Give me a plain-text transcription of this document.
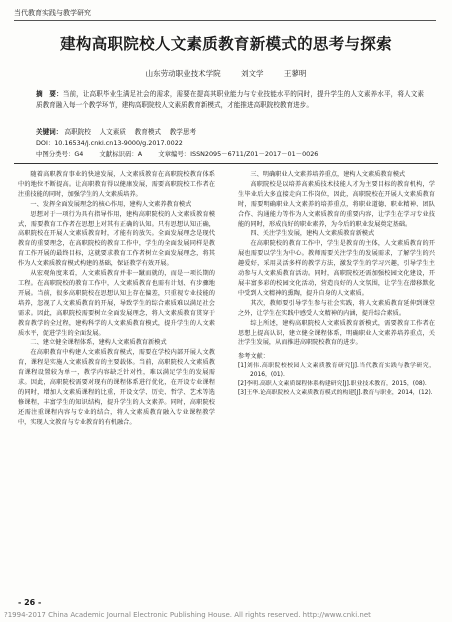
当代教育实践与教学研究
建构高职院校人文素质教育新模式的思考与探索
山东劳动职业技术学院	刘文学	王蓼明

摘　要：当前，让高职毕业生满足社会的需求，需要在提高其职业能力与专业技能水平的同时，提升学生的人文素养水平，将人文素质教育融入每一个教学环节，建构高职院校人文素质教育新模式，才能推进高职院校教育进步。

关键词： 高职院校　 人文素质　 教育模式　 教学思考
DOI：10.16534/j.cnki.cn13-9000/g.2017.0022
中图分类号：G4	文献标识码：A	文章编号：ISSN2095－6711/Z01－2017－01－0026

随着高职教育事业的快速发展，人文素质教育在高职院校教育体系中的地位不断提高。让高职教育得以健康发展，需要高职院校工作者在注重技能的同时，加强学生的人文素质培养。

一、发挥全面发展理念的核心作用，建构人文素养教育模式

思想对于一项行为具有指导作用，建构高职院校的人文素质教育模式，需要教育工作者在思想上对其有正确的认知。只有思想认知正确，高职院校在开展人文素质教育时，才能有的放矢。全面发展理念是现代教育的重要理念，在高职院校的教育工作中，学生的全面发展同样是教育工作开展的最终目标，这就要求教育工作者树立全面发展理念，将其作为人文素质教育模式构建的基础，保证教学有效开展。

从宏观角度来看，人文素质教育并非一蹴而就的，而是一项长期的工程。在高职院校的教育工作中，人文素质教育也需有计划、有步骤地开展。当前，很多高职院校在思想认知上存在偏差，只重视专业技能的培养，忽视了人文素质教育的开展，导致学生的综合素质难以满足社会需求。因此，高职院校需要树立全面发展理念，将人文素质教育贯穿于教育教学的全过程，建构科学的人文素质教育模式，提升学生的人文素质水平，促进学生的全面发展。

二、建立健全课程体系，建构人文素质教育新模式

在高职教育中构建人文素质教育模式，需要在学校内部开展人文教育，课程是实施人文素质教育的主要载体。当前，高职院校人文素质教育课程设置较为单一，教学内容缺乏针对性，难以满足学生的发展需求。因此，高职院校需要对现有的课程体系进行优化，在开设专业课程的同时，增加人文素质课程的比重，开设文学、历史、哲学、艺术等选修课程，丰富学生的知识结构，提升学生的人文素养。同时，高职院校还需注重课程内容与专业的结合，将人文素质教育融入专业课程教学中，实现人文教育与专业教育的有机融合。

三、明确职业人文素养培养重点，建构人文素质教育模式

高职院校是以培养高素质技术技能人才为主要目标的教育机构，学生毕业后大多直接走向工作岗位，因此，高职院校在开展人文素质教育时，需要明确职业人文素养的培养重点，将职业道德、职业精神、团队合作、沟通能力等作为人文素质教育的重要内容，让学生在学习专业技能的同时，形成良好的职业素养，为今后的职业发展奠定基础。

四、关注学生发展，建构人文素质教育新模式

在高职院校的教育工作中，学生是教育的主体，人文素质教育的开展也需要以学生为中心。教师需要关注学生的发展需求，了解学生的兴趣爱好，采用灵活多样的教学方法，激发学生的学习兴趣，引导学生主动参与人文素质教育活动。同时，高职院校还需加强校园文化建设，开展丰富多彩的校园文化活动，营造良好的人文氛围，让学生在潜移默化中受到人文精神的熏陶，提升自身的人文素质。

其次，教师要引导学生参与社会实践，将人文素质教育延伸到课堂之外，让学生在实践中感受人文精神的内涵，提升综合素质。

综上所述，建构高职院校人文素质教育新模式，需要教育工作者在思想上提高认识，建立健全课程体系，明确职业人文素养培养重点，关注学生发展，从而推进高职院校教育的进步。

参考文献：

[1]刘伟.高职院校校园人文素质教育研究[J].当代教育实践与教学研究，2016，(01).
[2]李明.高职人文素质课程体系构建研究[J].职业技术教育，2015，(08).
[3]王华.论高职院校人文素质教育模式的构建[J].教育与职业，2014，(12).
- 26 -
?1994-2017 China Academic Journal Electronic Publishing House. All rights reserved. http://www.cnki.net
